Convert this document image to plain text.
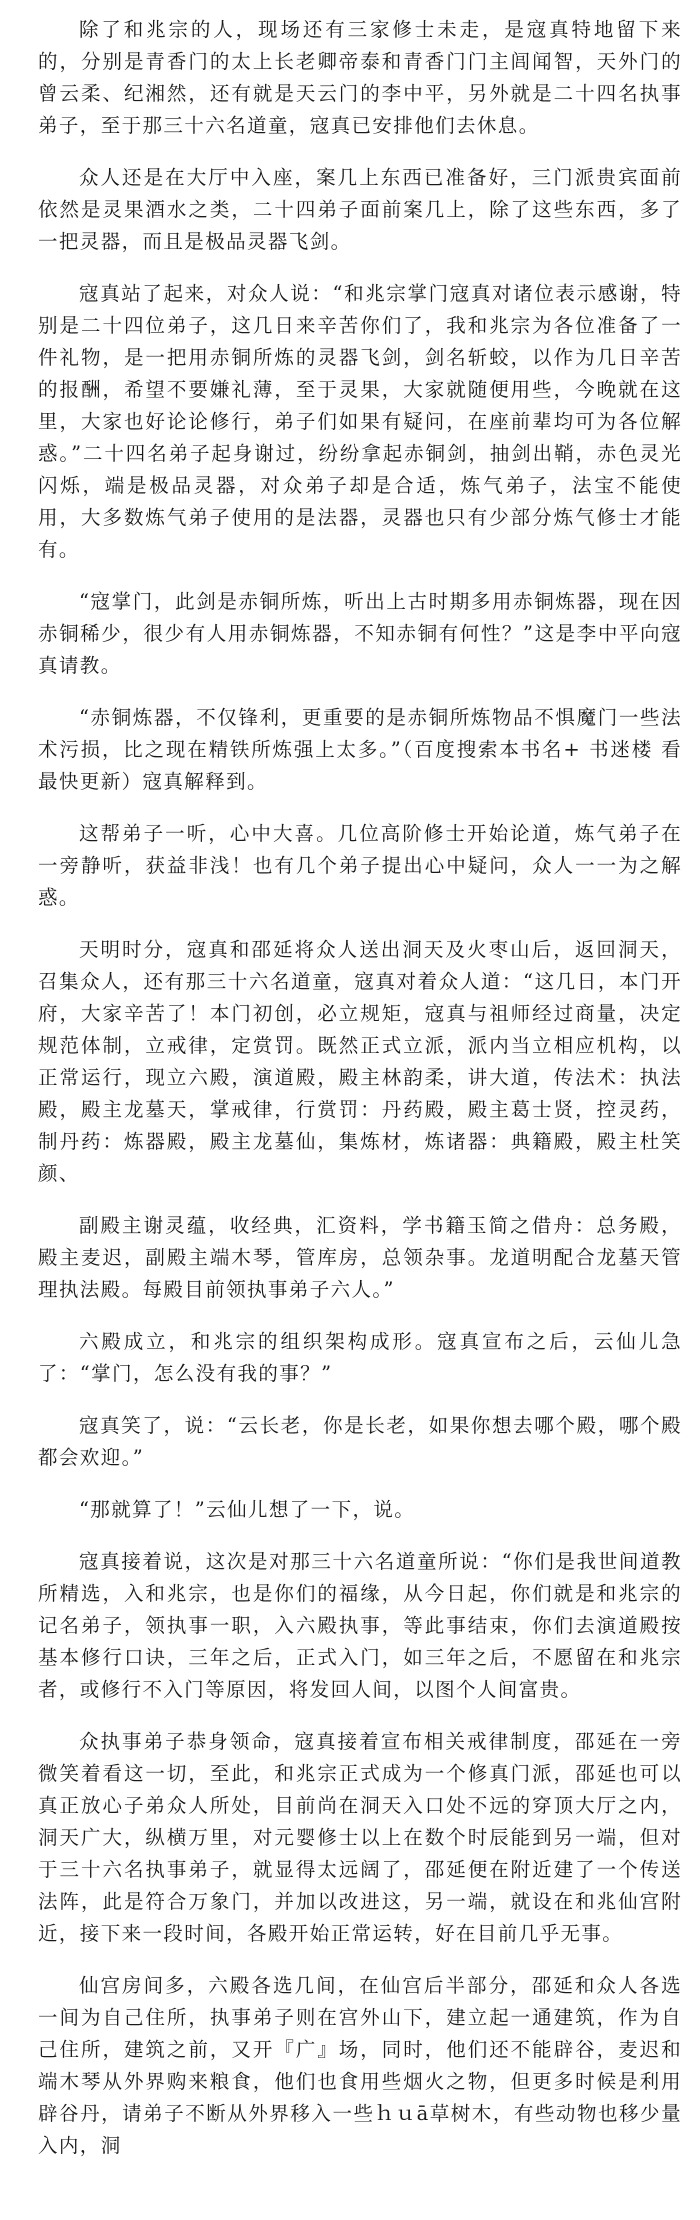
除了和兆宗的人，现场还有三家修士未走，是寇真特地留下来的，分别是青香门的太上长老卿帝泰和青香门门主闾闻智，天外门的曾云柔、纪湘然，还有就是天云门的李中平，另外就是二十四名执事弟子，至于那三十六名道童，寇真已安排他们去休息。

众人还是在大厅中入座，案几上东西已准备好，三门派贵宾面前依然是灵果酒水之类，二十四弟子面前案几上，除了这些东西，多了一把灵器，而且是极品灵器飞剑。

寇真站了起来，对众人说：“和兆宗掌门寇真对诸位表示感谢，特别是二十四位弟子，这几日来辛苦你们了，我和兆宗为各位准备了一件礼物，是一把用赤铜所炼的灵器飞剑，剑名斩蛟，以作为几日辛苦的报酬，希望不要嫌礼薄，至于灵果，大家就随便用些，今晚就在这里，大家也好论论修行，弟子们如果有疑问，在座前辈均可为各位解惑。”二十四名弟子起身谢过，纷纷拿起赤铜剑，抽剑出鞘，赤色灵光闪烁，端是极品灵器，对众弟子却是合适，炼气弟子，法宝不能使用，大多数炼气弟子使用的是法器，灵器也只有少部分炼气修士才能有。

“寇掌门，此剑是赤铜所炼，听出上古时期多用赤铜炼器，现在因赤铜稀少，很少有人用赤铜炼器，不知赤铜有何性？”这是李中平向寇真请教。

“赤铜炼器，不仅锋利，更重要的是赤铜所炼物品不惧魔门一些法术污损，比之现在精铁所炼强上太多。”（百度搜索本书名+ 书迷楼 看最快更新）寇真解释到。

这帮弟子一听，心中大喜。几位高阶修士开始论道，炼气弟子在一旁静听，获益非浅！也有几个弟子提出心中疑问，众人一一为之解惑。

天明时分，寇真和邵延将众人送出洞天及火枣山后，返回洞天，召集众人，还有那三十六名道童，寇真对着众人道：“这几日，本门开府，大家辛苦了！本门初创，必立规矩，寇真与祖师经过商量，决定规范体制，立戒律，定赏罚。既然正式立派，派内当立相应机构，以正常运行，现立六殿，演道殿，殿主林韵柔，讲大道，传法术：执法殿，殿主龙墓天，掌戒律，行赏罚：丹药殿，殿主葛士贤，控灵药，制丹药：炼器殿，殿主龙墓仙，集炼材，炼诸器：典籍殿，殿主杜笑颜、

副殿主谢灵蕴，收经典，汇资料，学书籍玉简之借舟：总务殿，殿主麦迟，副殿主端木琴，管库房，总领杂事。龙道明配合龙墓天管理执法殿。每殿目前领执事弟子六人。”

六殿成立，和兆宗的组织架构成形。寇真宣布之后，云仙儿急了：“掌门，怎么没有我的事？”

寇真笑了，说：“云长老，你是长老，如果你想去哪个殿，哪个殿都会欢迎。”

“那就算了！”云仙儿想了一下，说。

寇真接着说，这次是对那三十六名道童所说：“你们是我世间道教所精选，入和兆宗，也是你们的福缘，从今日起，你们就是和兆宗的记名弟子，领执事一职，入六殿执事，等此事结束，你们去演道殿按基本修行口诀，三年之后，正式入门，如三年之后，不愿留在和兆宗者，或修行不入门等原因，将发回人间，以图个人间富贵。

众执事弟子恭身领命，寇真接着宣布相关戒律制度，邵延在一旁微笑着看这一切，至此，和兆宗正式成为一个修真门派，邵延也可以真正放心子弟众人所处，目前尚在洞天入口处不远的穿顶大厅之内，洞天广大，纵横万里，对元婴修士以上在数个时辰能到另一端，但对于三十六名执事弟子，就显得太远阔了，邵延便在附近建了一个传送法阵，此是符合万象门，并加以改进这，另一端，就设在和兆仙宫附近，接下来一段时间，各殿开始正常运转，好在目前几乎无事。

仙宫房间多，六殿各选几间，在仙宫后半部分，邵延和众人各选一间为自己住所，执事弟子则在宫外山下，建立起一通建筑，作为自己住所，建筑之前，又开『广』场，同时，他们还不能辟谷，麦迟和端木琴从外界购来粮食，他们也食用些烟火之物，但更多时候是利用辟谷丹，请弟子不断从外界移入一些ｈｕā草树木，有些动物也移少量入内，洞
